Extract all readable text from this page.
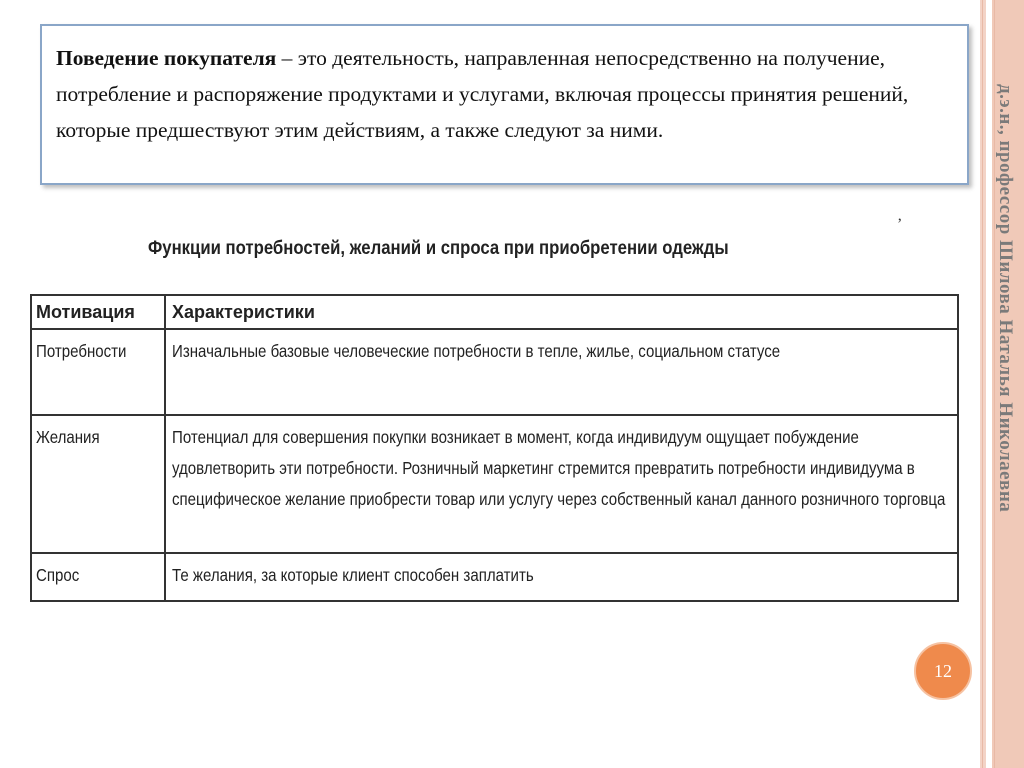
д.э.н., профессор Шилова Наталья Николаевна
Поведение покупателя – это деятельность, направленная непосредственно на получение, потребление и распоряжение продуктами и услугами, включая процессы принятия решений, которые предшествуют этим действиям, а также следуют за ними.
ʼ
Функции потребностей, желаний и спроса при приобретении одежды
Мотивация	Характеристики
Потребности	Изначальные базовые человеческие потребности в тепле, жилье, социальном статусе
Желания	Потенциал для совершения покупки возникает в момент, когда индивидуум ощущает побуждение удовлетворить эти потребности. Розничный маркетинг стремится превратить потребности индивидуума в специфическое желание приобрести товар или услугу через собственный канал данного розничного торговца
Спрос	Те желания, за которые клиент способен заплатить
12
